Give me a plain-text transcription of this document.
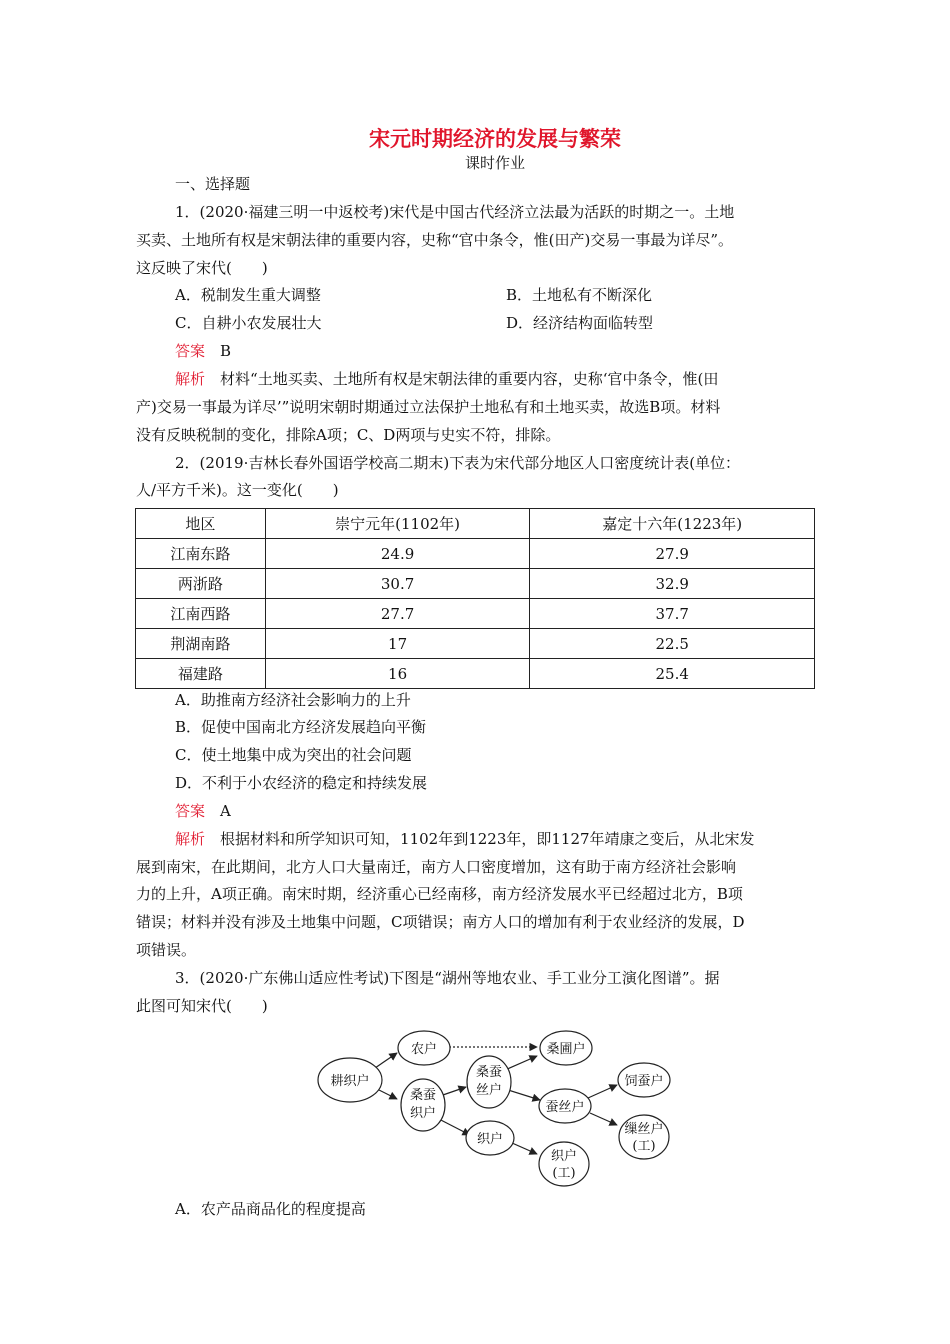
宋元时期经济的发展与繁荣
课时作业
一、选择题
1．(2020·福建三明一中返校考)宋代是中国古代经济立法最为活跃的时期之一。土地
买卖、土地所有权是宋朝法律的重要内容，史称“官中条令，惟(田产)交易一事最为详尽”。
这反映了宋代(　　)
A．税制发生重大调整	B．土地私有不断深化
C．自耕小农发展壮大	D．经济结构面临转型
答案　 B
解析　 材料“土地买卖、土地所有权是宋朝法律的重要内容，史称‘官中条令，惟(田
产)交易一事最为详尽’”说明宋朝时期通过立法保护土地私有和土地买卖，故选B项。材料
没有反映税制的变化，排除A项；C、D两项与史实不符，排除。
2．(2019·吉林长春外国语学校高二期末)下表为宋代部分地区人口密度统计表(单位：
人/平方千米)。这一变化(　　)
地区	崇宁元年(1102年)	嘉定十六年(1223年)
江南东路	24.9	27.9
两浙路	30.7	32.9
江南西路	27.7	37.7
荆湖南路	17	22.5
福建路	16	25.4
A．助推南方经济社会影响力的上升
B．促使中国南北方经济发展趋向平衡
C．使土地集中成为突出的社会问题
D．不利于小农经济的稳定和持续发展
答案　 A
解析　 根据材料和所学知识可知，1102年到1223年，即1127年靖康之变后，从北宋发
展到南宋，在此期间，北方人口大量南迁，南方人口密度增加，这有助于南方经济社会影响
力的上升，A项正确。南宋时期，经济重心已经南移，南方经济发展水平已经超过北方，B项
错误；材料并没有涉及土地集中问题，C项错误；南方人口的增加有利于农业经济的发展，D
项错误。
3．(2020·广东佛山适应性考试)下图是“湖州等地农业、手工业分工演化图谱”。据
此图可知宋代(　　)
耕织户
农户
桑蚕
织户
桑蚕
丝户
桑圃户
蚕丝户
饲蚕户
缫丝户
(工)
织户
织户
(工)
A．农产品商品化的程度提高
